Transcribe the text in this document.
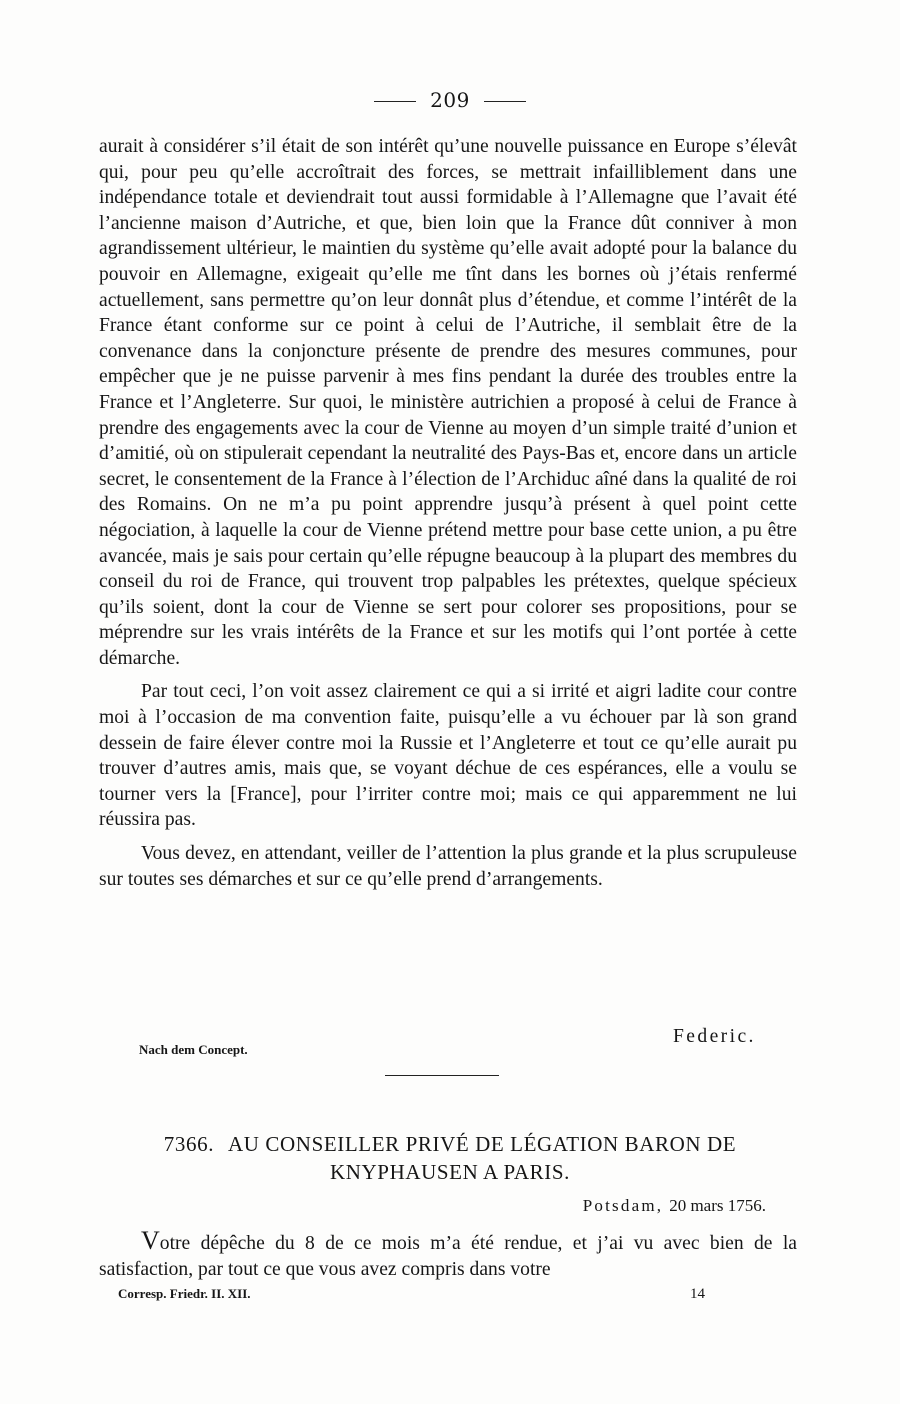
209

aurait à considérer s’il était de son intérêt qu’une nouvelle puissance en Europe s’élevât qui, pour peu qu’elle accroîtrait des forces, se mettrait infailliblement dans une indépendance totale et deviendrait tout aussi formidable à l’Allemagne que l’avait été l’ancienne maison d’Autriche, et que, bien loin que la France dût conniver à mon agrandissement ultérieur, le maintien du système qu’elle avait adopté pour la balance du pouvoir en Allemagne, exigeait qu’elle me tînt dans les bornes où j’étais renfermé actuellement, sans permettre qu’on leur donnât plus d’étendue, et comme l’intérêt de la France étant conforme sur ce point à celui de l’Autriche, il semblait être de la convenance dans la conjoncture présente de prendre des mesures communes, pour empêcher que je ne puisse parvenir à mes fins pendant la durée des troubles entre la France et l’Angleterre. Sur quoi, le ministère autrichien a proposé à celui de France à prendre des engagements avec la cour de Vienne au moyen d’un simple traité d’union et d’amitié, où on stipulerait cependant la neutralité des Pays-Bas et, encore dans un article secret, le consentement de la France à l’élection de l’Archiduc aîné dans la qualité de roi des Romains. On ne m’a pu point apprendre jusqu’à présent à quel point cette négociation, à laquelle la cour de Vienne prétend mettre pour base cette union, a pu être avancée, mais je sais pour certain qu’elle répugne beaucoup à la plupart des membres du conseil du roi de France, qui trouvent trop palpables les prétextes, quelque spécieux qu’ils soient, dont la cour de Vienne se sert pour colorer ses propositions, pour se méprendre sur les vrais intérêts de la France et sur les motifs qui l’ont portée à cette démarche.

Par tout ceci, l’on voit assez clairement ce qui a si irrité et aigri ladite cour contre moi à l’occasion de ma convention faite, puisqu’elle a vu échouer par là son grand dessein de faire élever contre moi la Russie et l’Angleterre et tout ce qu’elle aurait pu trouver d’autres amis, mais que, se voyant déchue de ces espérances, elle a voulu se tourner vers la [France], pour l’irriter contre moi; mais ce qui apparemment ne lui réussira pas.

Vous devez, en attendant, veiller de l’attention la plus grande et la plus scrupuleuse sur toutes ses démarches et sur ce qu’elle prend d’arrangements.

Nach dem Concept.
Federic.
7366. AU CONSEILLER PRIVÉ DE LÉGATION BARON DE KNYPHAUSEN A PARIS.
Potsdam, 20 mars 1756.

Votre dépêche du 8 de ce mois m’a été rendue, et j’ai vu avec bien de la satisfaction, par tout ce que vous avez compris dans votre

Corresp. Friedr. II. XII.	14
